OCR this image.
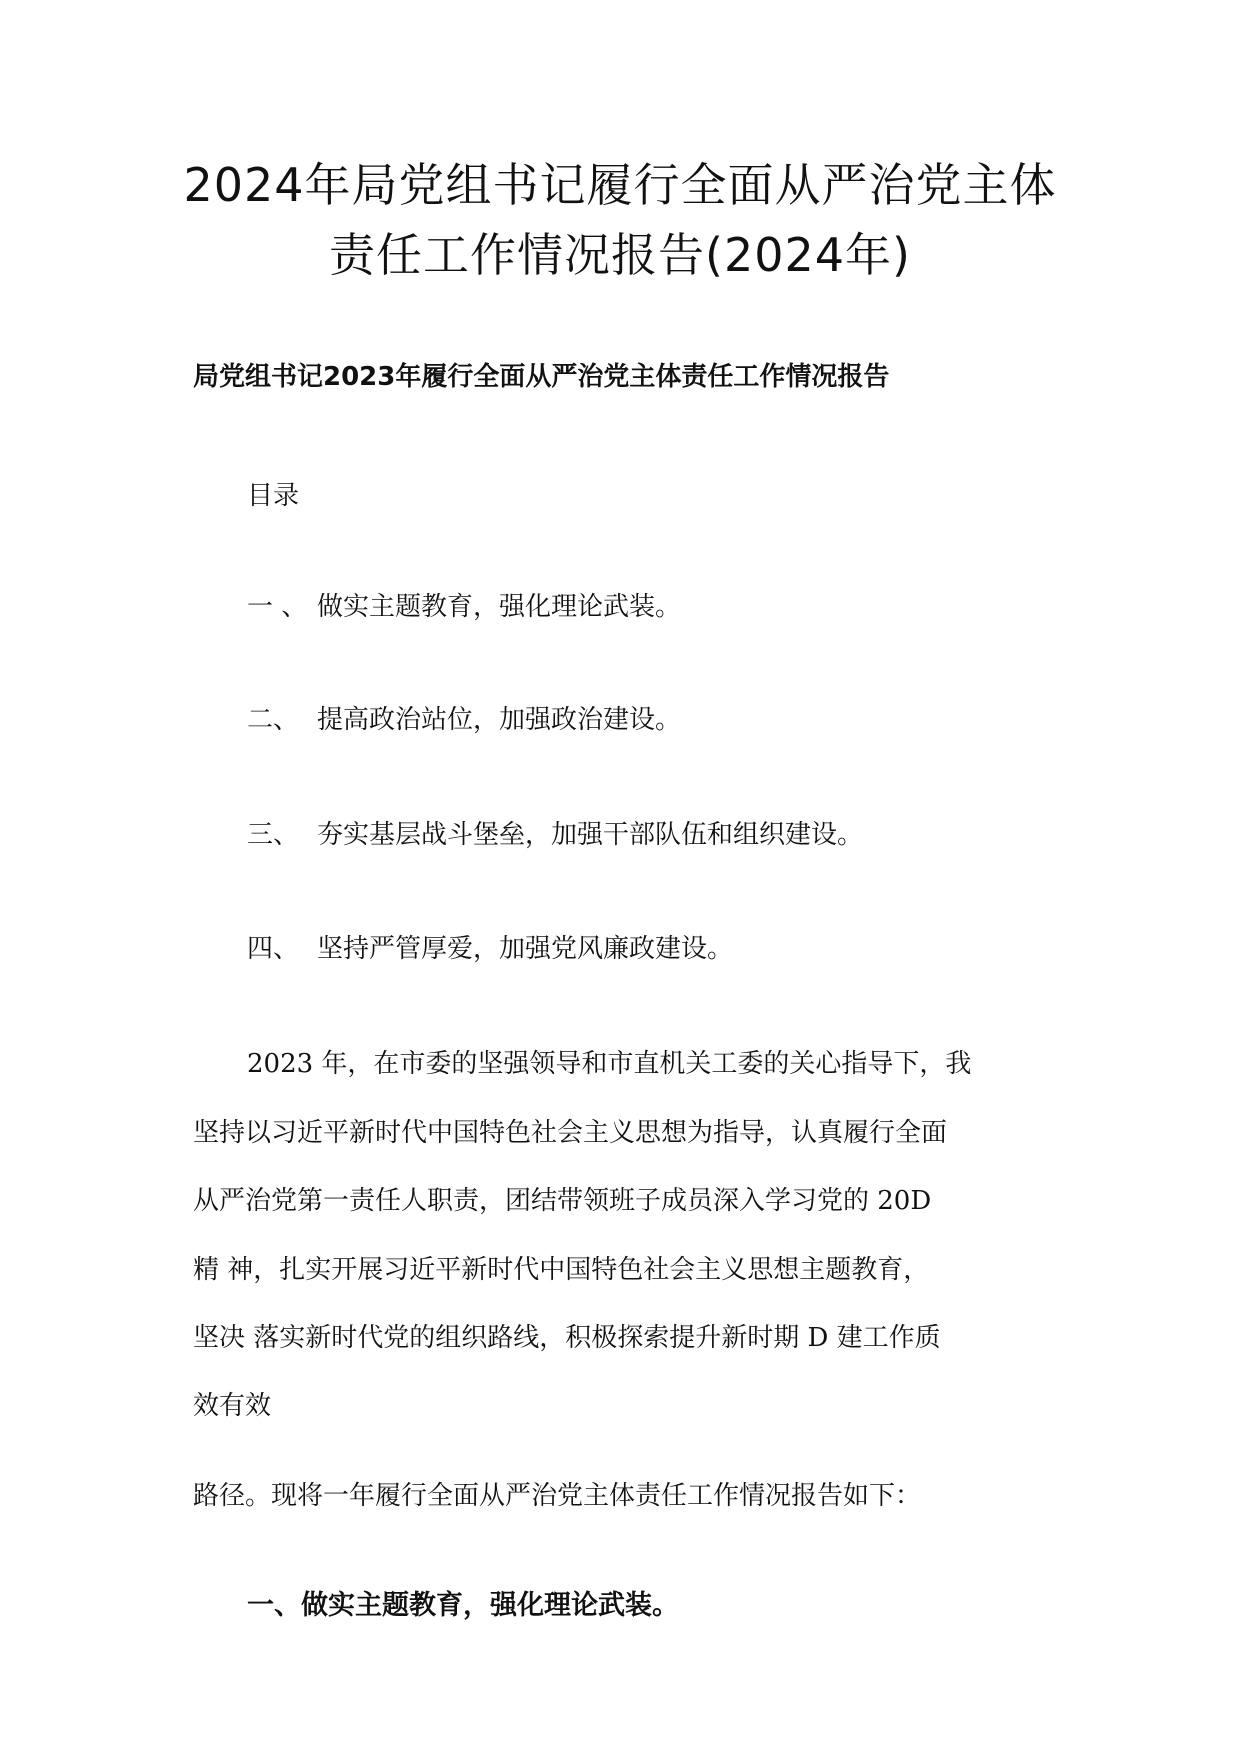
2024年局党组书记履行全面从严治党主体
责任工作情况报告(2024年)

局党组书记2023年履行全面从严治党主体责任工作情况报告

目录

一 、 做实主题教育，强化理论武装。

二、 提高政治站位，加强政治建设。

三、 夯实基层战斗堡垒，加强干部队伍和组织建设。

四、 坚持严管厚爱，加强党风廉政建设。

2023 年，在市委的坚强领导和市直机关工委的关心指导下，我

坚持以习近平新时代中国特色社会主义思想为指导，认真履行全面

从严治党第一责任人职责，团结带领班子成员深入学习党的 20D

精 神，扎实开展习近平新时代中国特色社会主义思想主题教育，

坚决 落实新时代党的组织路线，积极探索提升新时期 D 建工作质

效有效

路径。现将一年履行全面从严治党主体责任工作情况报告如下：

一、做实主题教育，强化理论武装。
